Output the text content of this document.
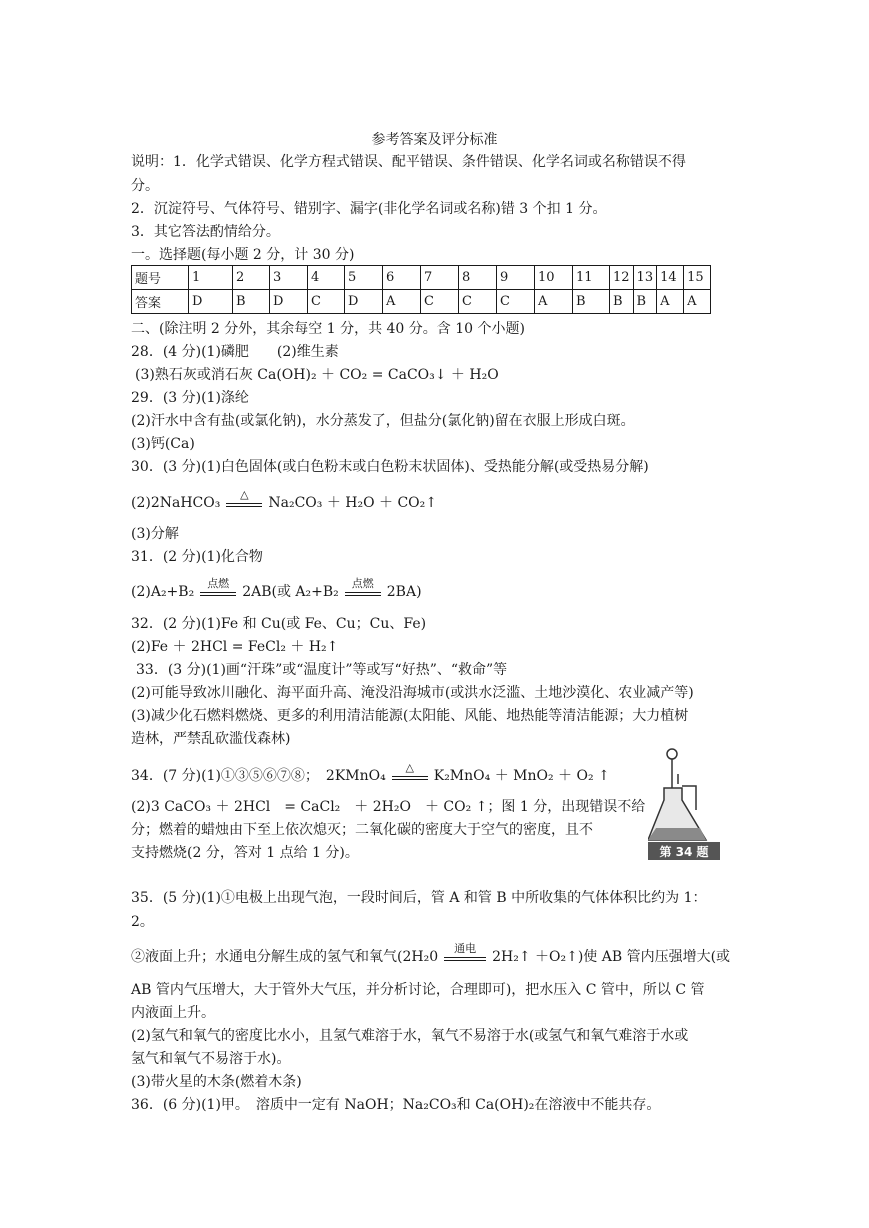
参考答案及评分标准
说明：1．化学式错误、化学方程式错误、配平错误、条件错误、化学名词或名称错误不得
分。
2．沉淀符号、气体符号、错别字、漏字(非化学名词或名称)错 3 个扣 1 分。
3．其它答法酌情给分。
一。选择题(每小题 2 分，计 30 分)
题号	1	2	3	4	5	6	7	8	9	10	11	12	13	14	15
答案	D	B	D	C	D	A	C	C	C	A	B	B	B	A	A
二、(除注明 2 分外，其余每空 1 分，共 40 分。含 10 个小题)
28．(4 分)(1)磷肥　　(2)维生素
(3)熟石灰或消石灰 Ca(OH)₂ ＋ CO₂ = CaCO₃↓ ＋ H₂O
29．(3 分)(1)涤纶
(2)汗水中含有盐(或氯化钠)，水分蒸发了，但盐分(氯化钠)留在衣服上形成白斑。
(3)钙(Ca)
30．(3 分)(1)白色固体(或白色粉末或白色粉末状固体)、受热能分解(或受热易分解)
(2)2NaHCO₃
△
Na₂CO₃ ＋ H₂O ＋ CO₂↑
(3)分解
31．(2 分)(1)化合物
(2)A₂+B₂
点燃
2AB(或 A₂+B₂
点燃
2BA)
32．(2 分)(1)Fe 和 Cu(或 Fe、Cu；Cu、Fe)
(2)Fe ＋ 2HCl = FeCl₂ ＋ H₂↑
33．(3 分)(1)画“汗珠”或“温度计”等或写“好热”、“救命”等
(2)可能导致冰川融化、海平面升高、淹没沿海城市(或洪水泛滥、土地沙漠化、农业减产等)
(3)减少化石燃料燃烧、更多的利用清洁能源(太阳能、风能、地热能等清洁能源；大力植树
造林，严禁乱砍滥伐森林)
34．(7 分)(1)①③⑤⑥⑦⑧；　2KMnO₄
△
K₂MnO₄ ＋ MnO₂ ＋ O₂ ↑
(2)3 CaCO₃ ＋ 2HCl　= CaCl₂　＋ 2H₂O　＋ CO₂ ↑；图 1 分，出现错误不给
分；燃着的蜡烛由下至上依次熄灭；二氧化碳的密度大于空气的密度，且不
支持燃烧(2 分，答对 1 点给 1 分)。	第 34 题
35．(5 分)(1)①电极上出现气泡，一段时间后，管 A 和管 B 中所收集的气体体积比约为 1：
2。
②液面上升；水通电分解生成的氢气和氧气(2H₂0
通电
2H₂↑ ＋O₂↑)使 AB 管内压强增大(或
AB 管内气压增大，大于管外大气压，并分析讨论，合理即可)，把水压入 C 管中，所以 C 管
内液面上升。
(2)氢气和氧气的密度比水小，且氢气难溶于水，氧气不易溶于水(或氢气和氧气难溶于水或
氢气和氧气不易溶于水)。
(3)带火星的木条(燃着木条)
36．(6 分)(1)甲。　溶质中一定有 NaOH；Na₂CO₃和 Ca(OH)₂在溶液中不能共存。
